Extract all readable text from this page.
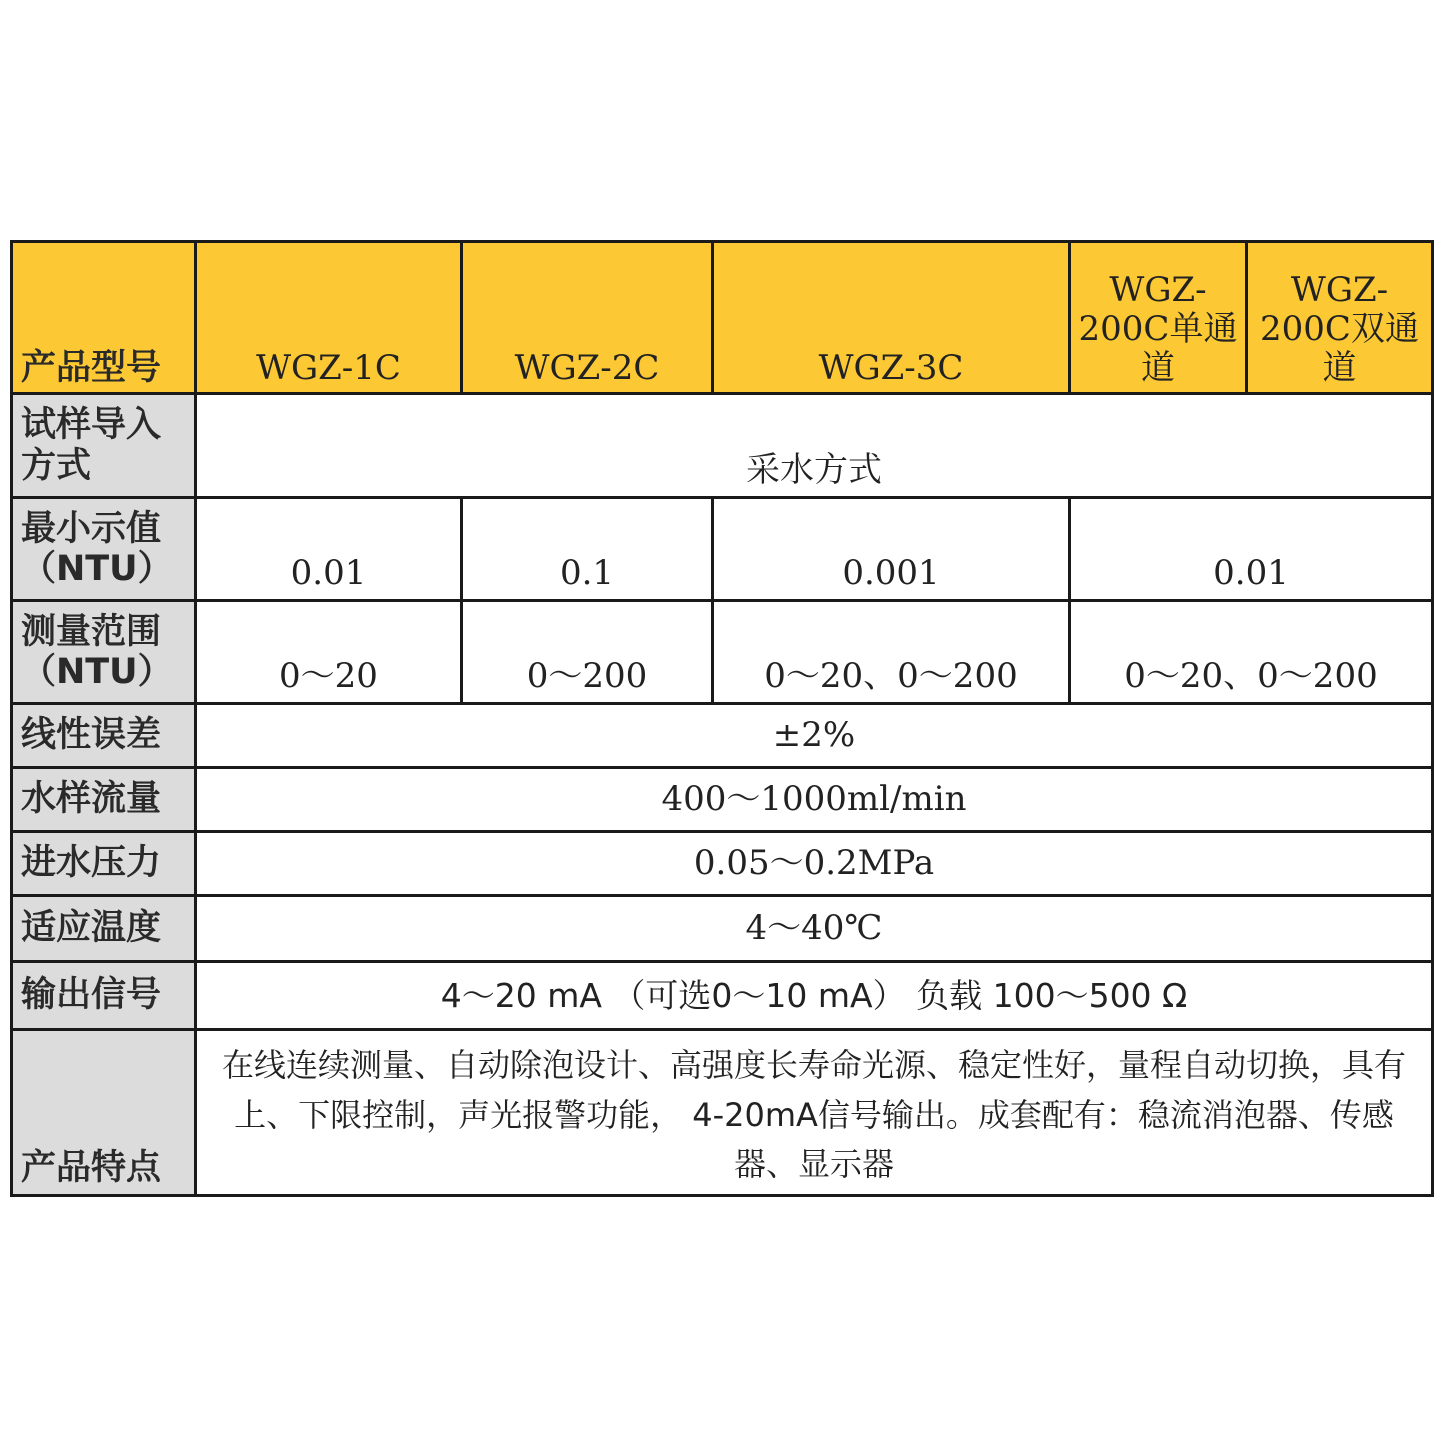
产品型号	WGZ-1C	WGZ-2C	WGZ-3C	WGZ-200C单通道	WGZ-200C双通道
试样导入方式	采水方式				
最小示值（NTU）	0.01	0.1	0.001	0.01	
测量范围（NTU）	0～20	0～200	0～20、0～200	0～20、0～200	
线性误差	±2%				
水样流量	400～1000ml/min				
进水压力	0.05～0.2MPa				
适应温度	4～40℃				
输出信号	4～20 mA （可选0～10 mA） 负载 100～500 Ω				
产品特点	在线连续测量、自动除泡设计、高强度长寿命光源、稳定性好，量程自动切换，具有上、下限控制，声光报警功能， 4-20mA信号输出。成套配有：稳流消泡器、传感器、显示器				
